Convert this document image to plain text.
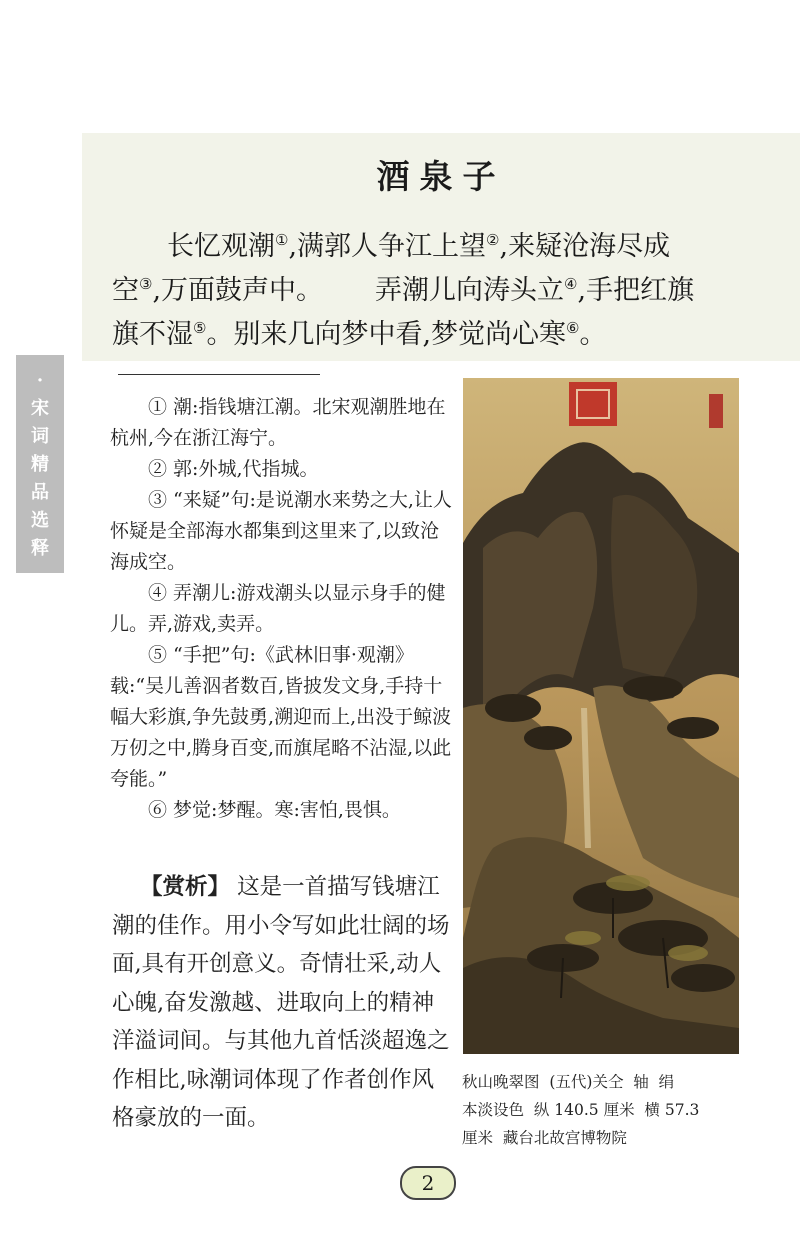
酒泉子
长忆观潮①,满郭人争江上望②,来疑沧海尽成
空③,万面鼓声中。 弄潮儿向涛头立④,手把红旗
旗不湿⑤。别来几向梦中看,梦觉尚心寒⑥。
·宋词精品选释·
① 潮:指钱塘江潮。北宋观潮胜地在杭州,今在浙江海宁。
② 郭:外城,代指城。
③ “来疑”句:是说潮水来势之大,让人怀疑是全部海水都集到这里来了,以致沧海成空。
④ 弄潮儿:游戏潮头以显示身手的健儿。弄,游戏,卖弄。
⑤ “手把”句:《武林旧事·观潮》载:“吴儿善泅者数百,皆披发文身,手持十幅大彩旗,争先鼓勇,溯迎而上,出没于鲸波万仞之中,腾身百变,而旗尾略不沾湿,以此夸能。”
⑥ 梦觉:梦醒。寒:害怕,畏惧。
【赏析】 这是一首描写钱塘江潮的佳作。用小令写如此壮阔的场面,具有开创意义。奇情壮采,动人心魄,奋发激越、进取向上的精神洋溢词间。与其他九首恬淡超逸之作相比,咏潮词体现了作者创作风格豪放的一面。
秋山晚翠图  (五代)关仝  轴  绢
本淡设色  纵 140.5 厘米  横 57.3
厘米  藏台北故宫博物院
2
